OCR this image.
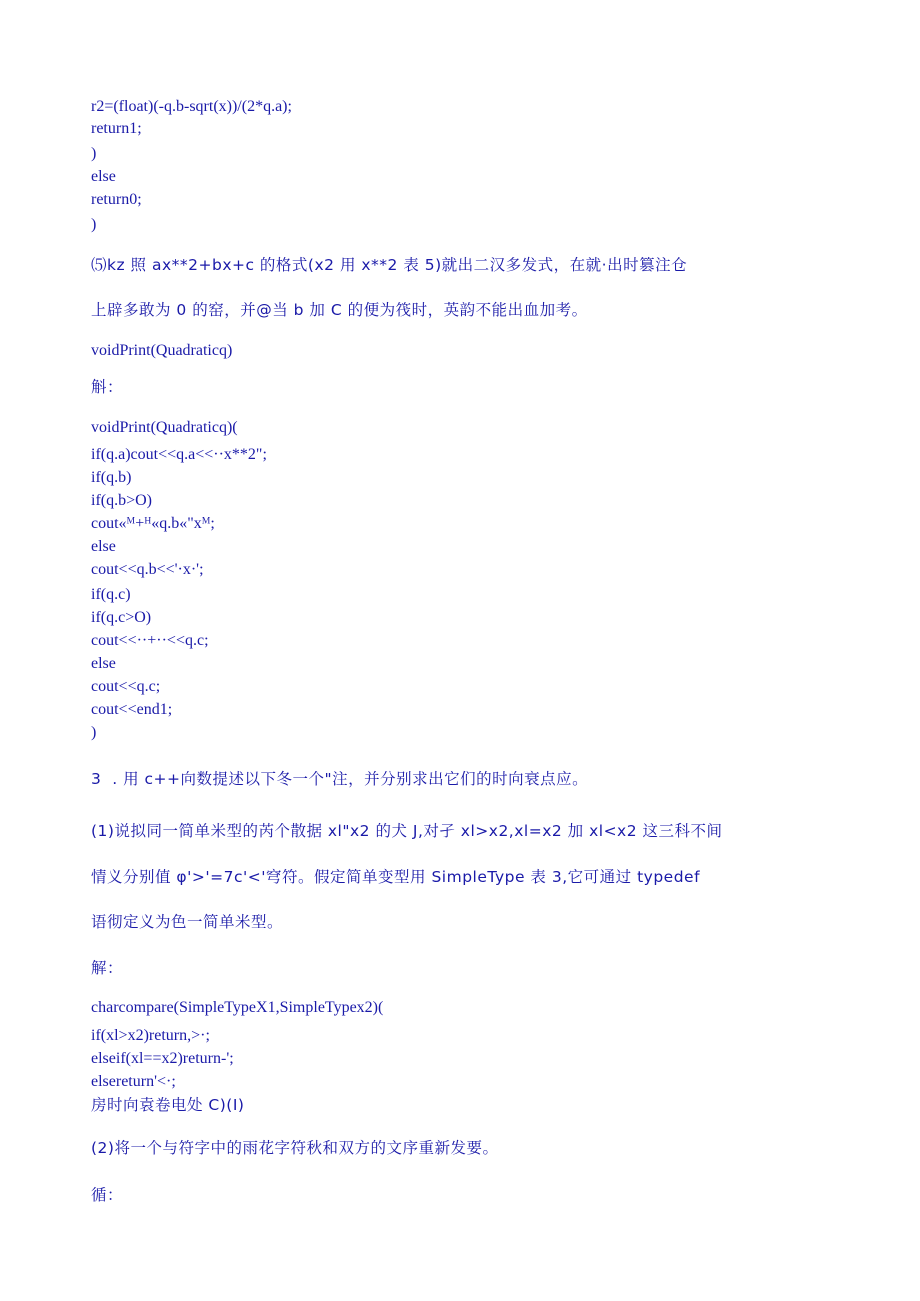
r2=(float)(-q.b-sqrt(x))/(2*q.a);

return1;

)

else

return0;

)

⑸kz 照 ax**2+bx+c 的格式(x2 用 x**2 表 5)就出二汉多发式，在就·出时篡注仓

上辟多敢为 0 的窑，并@当 b 加 C 的便为筏时，英韵不能出血加考。

voidPrint(Quadraticq)

斛：

voidPrint(Quadraticq)(

if(q.a)cout<<q.a<<··x**2";

if(q.b)

if(q.b>O)

cout«ᴹ+ᴴ«q.b«"xᴹ;

else

cout<<q.b<<'·x·';

if(q.c)

if(q.c>O)

cout<<··+··<<q.c;

else

cout<<q.c;

cout<<end1;

)

3  . 用 c++向数提述以下冬一个"注，并分别求出它们的时向衰点应。

(1)说拟同一简单米型的芮个散据 xl"x2 的犬 J,对孑 xl>x2,xl=x2 加 xl<x2 这三科不间

情义分别值 φ'>'=7c'<'穹符。假定简单变型用 SimpleType 表 3,它可通过 typedef

语彻定义为色一简单米型。

解：

charcompare(SimpleTypeX1,SimpleTypex2)(

if(xl>x2)return,>·;

elseif(xl==x2)return-';

elsereturn'<·;

房时向袁卷电处 C)(I)

(2)将一个与符字中的雨花字符秋和双方的文序重新发要。

循：
